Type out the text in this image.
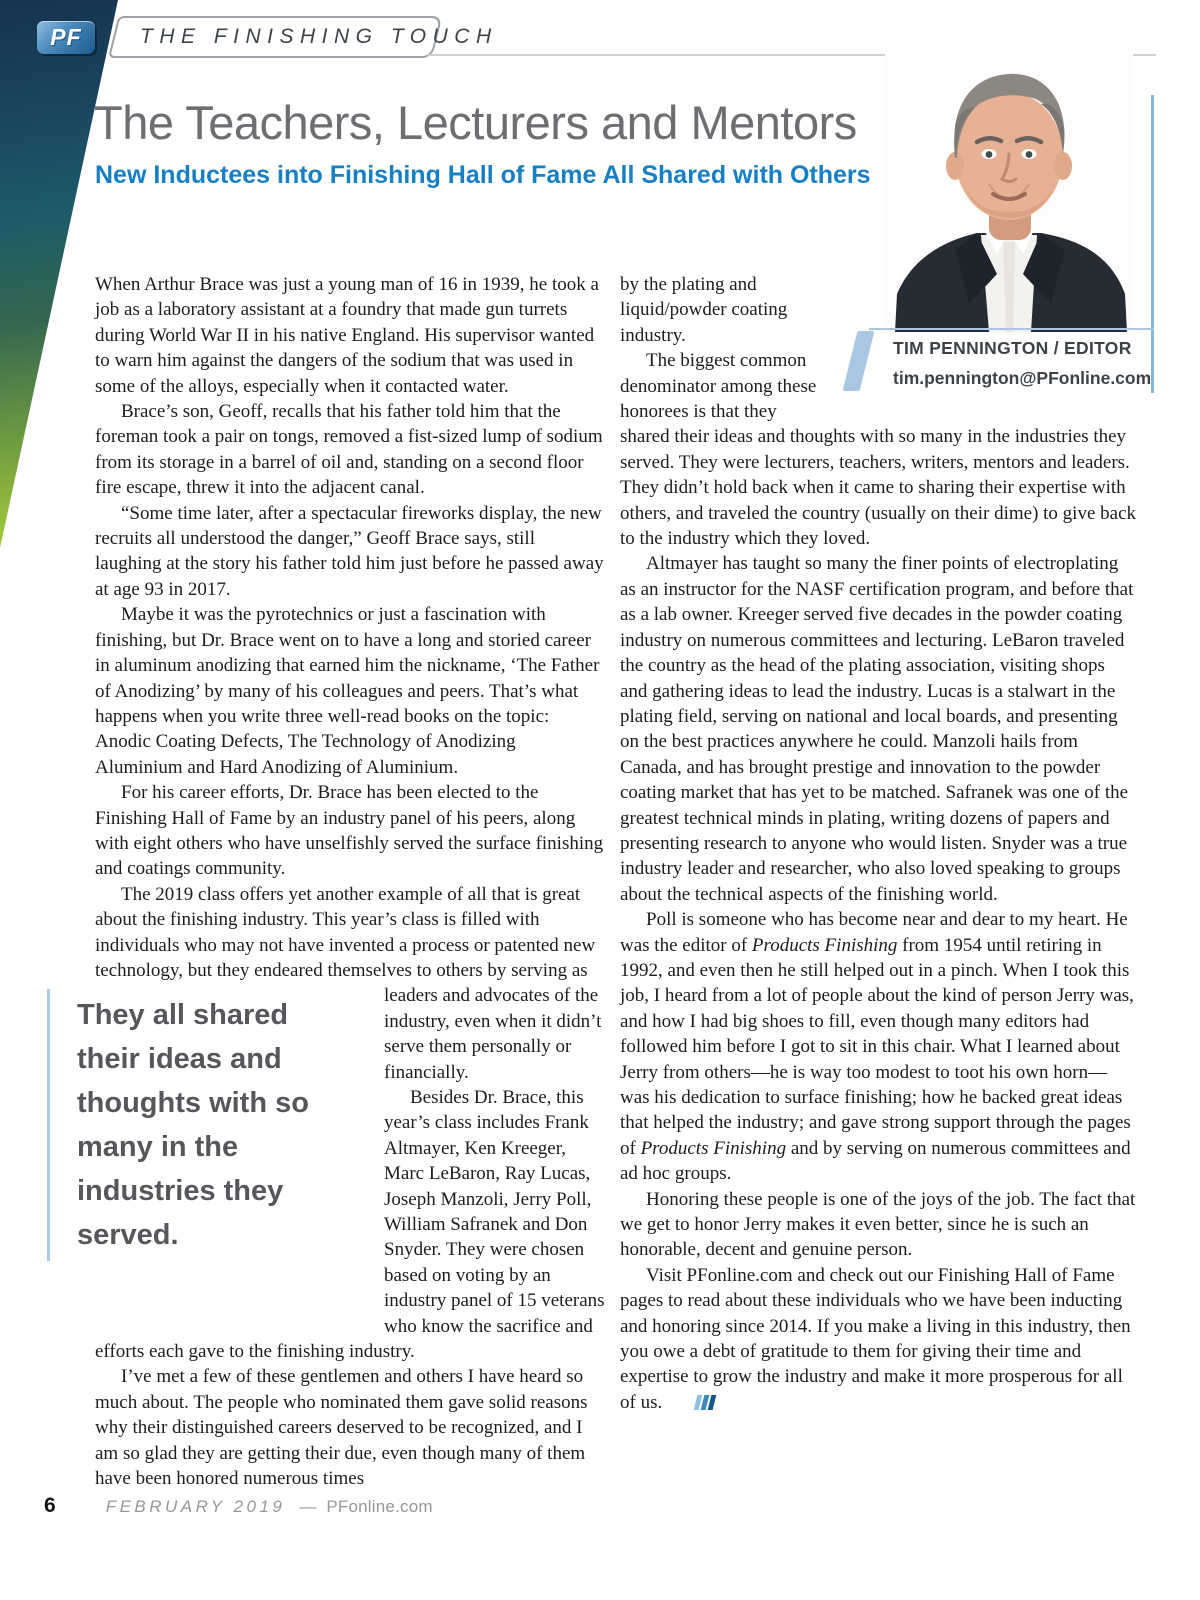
PF	THE FINISHING TOUCH
The Teachers, Lecturers and Mentors
New Inductees into Finishing Hall of Fame All Shared with Others
TIM PENNINGTON / EDITOR
tim.pennington@PFonline.com

When Arthur Brace was just a young man of 16 in 1939, he took a job as a laboratory assistant at a foundry that made gun turrets during World War II in his native England. His supervisor wanted to warn him against the dangers of the sodium that was used in some of the alloys, especially when it contacted water.

Brace’s son, Geoff, recalls that his father told him that the foreman took a pair on tongs, removed a fist-sized lump of sodium from its storage in a barrel of oil and, standing on a second floor fire escape, threw it into the adjacent canal.

“Some time later, after a spectacular fireworks display, the new recruits all understood the danger,” Geoff Brace says, still laughing at the story his father told him just before he passed away at age 93 in 2017.

Maybe it was the pyrotechnics or just a fascination with finishing, but Dr. Brace went on to have a long and storied career in aluminum anodizing that earned him the nickname, ‘The Father of Anodizing’ by many of his colleagues and peers. That’s what happens when you write three well-read books on the topic: Anodic Coating Defects, The Technology of Anodizing Aluminium and Hard Anodizing of Aluminium.

For his career efforts, Dr. Brace has been elected to the Finishing Hall of Fame by an industry panel of his peers, along with eight others who have unselfishly served the surface finishing and coatings community.

The 2019 class offers yet another example of all that is great about the finishing industry. This year’s class is filled with individuals who may not have invented a process or patented new technology, but they endeared themselves to others by
They all shared their ideas and thoughts with so many in the industries they served.
serving as leaders and advocates of the industry, even when it didn’t serve them personally or financially.

Besides Dr. Brace, this year’s class includes Frank Altmayer, Ken Kreeger, Marc LeBaron, Ray Lucas, Joseph Manzoli, Jerry Poll, William Safranek and Don Snyder. They were chosen based on voting by an industry panel of 15 veterans who know the sacrifice and efforts each gave to the finishing industry.

I’ve met a few of these gentlemen and others I have heard so much about. The people who nominated them gave solid reasons why their distinguished careers deserved to be recognized, and I am so glad they are getting their due, even though many of them have been honored numerous times

by the plating and liquid/powder coating industry.

The biggest common denominator among these honorees is that they shared their ideas and thoughts with so many in the industries they served. They were lecturers, teachers, writers, mentors and leaders. They didn’t hold back when it came to sharing their expertise with others, and traveled the country (usually on their dime) to give back to the industry which they loved.

Altmayer has taught so many the finer points of electroplating as an instructor for the NASF certification program, and before that as a lab owner. Kreeger served five decades in the powder coating industry on numerous committees and lecturing. LeBaron traveled the country as the head of the plating association, visiting shops and gathering ideas to lead the industry. Lucas is a stalwart in the plating field, serving on national and local boards, and presenting on the best practices anywhere he could. Manzoli hails from Canada, and has brought prestige and innovation to the powder coating market that has yet to be matched. Safranek was one of the greatest technical minds in plating, writing dozens of papers and presenting research to anyone who would listen. Snyder was a true industry leader and researcher, who also loved speaking to groups about the technical aspects of the finishing world.

Poll is someone who has become near and dear to my heart. He was the editor of Products Finishing from 1954 until retiring in 1992, and even then he still helped out in a pinch. When I took this job, I heard from a lot of people about the kind of person Jerry was, and how I had big shoes to fill, even though many editors had followed him before I got to sit in this chair. What I learned about Jerry from others—he is way too modest to toot his own horn—was his dedication to surface finishing; how he backed great ideas that helped the industry; and gave strong support through the pages of Products Finishing and by serving on numerous committees and ad hoc groups.

Honoring these people is one of the joys of the job. The fact that we get to honor Jerry makes it even better, since he is such an honorable, decent and genuine person.

Visit PFonline.com and check out our Finishing Hall of Fame pages to read about these individuals who we have been inducting and honoring since 2014. If you make a living in this industry, then you owe a debt of gratitude to them for giving their time and expertise to grow the industry and make it more prosperous for all of us.

6	FEBRUARY 2019 — PFonline.com
